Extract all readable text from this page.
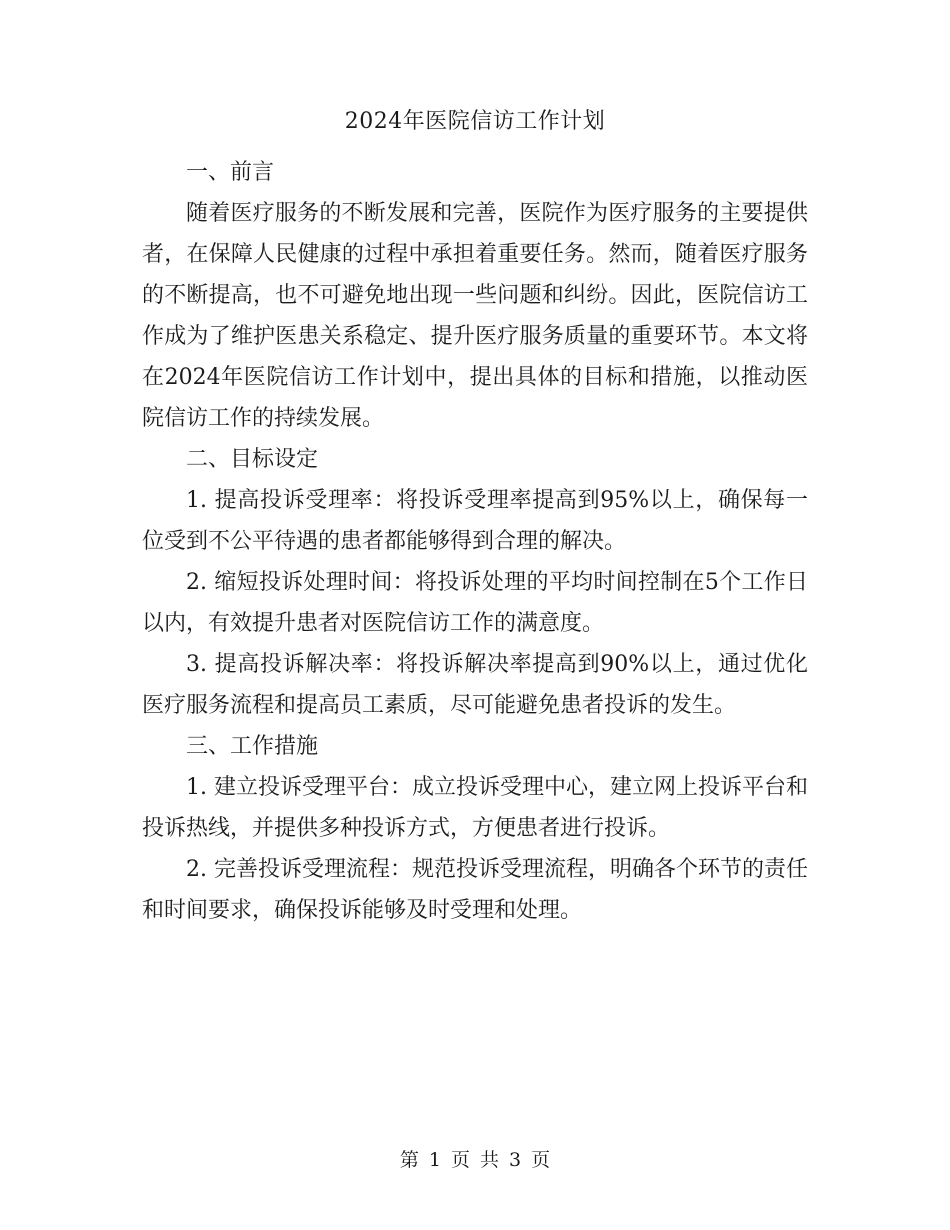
2024年医院信访工作计划

一、前言

随着医疗服务的不断发展和完善，医院作为医疗服务的主要提供者，在保障人民健康的过程中承担着重要任务。然而，随着医疗服务的不断提高，也不可避免地出现一些问题和纠纷。因此，医院信访工作成为了维护医患关系稳定、提升医疗服务质量的重要环节。本文将在2024年医院信访工作计划中，提出具体的目标和措施，以推动医院信访工作的持续发展。

二、目标设定

1. 提高投诉受理率：将投诉受理率提高到95%以上，确保每一位受到不公平待遇的患者都能够得到合理的解决。

2. 缩短投诉处理时间：将投诉处理的平均时间控制在5个工作日以内，有效提升患者对医院信访工作的满意度。

3. 提高投诉解决率：将投诉解决率提高到90%以上，通过优化医疗服务流程和提高员工素质，尽可能避免患者投诉的发生。

三、工作措施

1. 建立投诉受理平台：成立投诉受理中心，建立网上投诉平台和投诉热线，并提供多种投诉方式，方便患者进行投诉。

2. 完善投诉受理流程：规范投诉受理流程，明确各个环节的责任和时间要求，确保投诉能够及时受理和处理。

第 1 页 共 3 页
